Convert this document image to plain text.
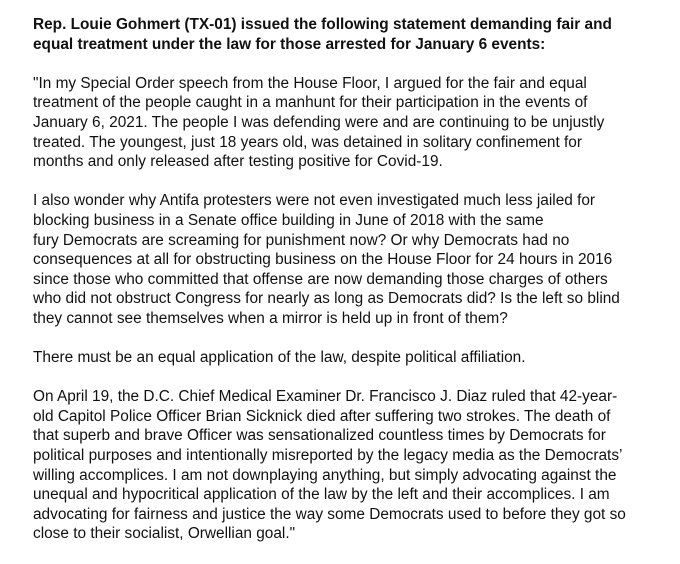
Rep. Louie Gohmert (TX-01) issued the following statement demanding fair and
equal treatment under the law for those arrested for January 6 events:

"In my Special Order speech from the House Floor, I argued for the fair and equal
treatment of the people caught in a manhunt for their participation in the events of
January 6, 2021. The people I was defending were and are continuing to be unjustly
treated. The youngest, just 18 years old, was detained in solitary confinement for
months and only released after testing positive for Covid-19.

I also wonder why Antifa protesters were not even investigated much less jailed for
blocking business in a Senate office building in June of 2018 with the same
fury Democrats are screaming for punishment now? Or why Democrats had no
consequences at all for obstructing business on the House Floor for 24 hours in 2016
since those who committed that offense are now demanding those charges of others
who did not obstruct Congress for nearly as long as Democrats did? Is the left so blind
they cannot see themselves when a mirror is held up in front of them?

There must be an equal application of the law, despite political affiliation.

On April 19, the D.C. Chief Medical Examiner Dr. Francisco J. Diaz ruled that 42-year-
old Capitol Police Officer Brian Sicknick died after suffering two strokes. The death of
that superb and brave Officer was sensationalized countless times by Democrats for
political purposes and intentionally misreported by the legacy media as the Democrats’
willing accomplices. I am not downplaying anything, but simply advocating against the
unequal and hypocritical application of the law by the left and their accomplices. I am
advocating for fairness and justice the way some Democrats used to before they got so
close to their socialist, Orwellian goal."
